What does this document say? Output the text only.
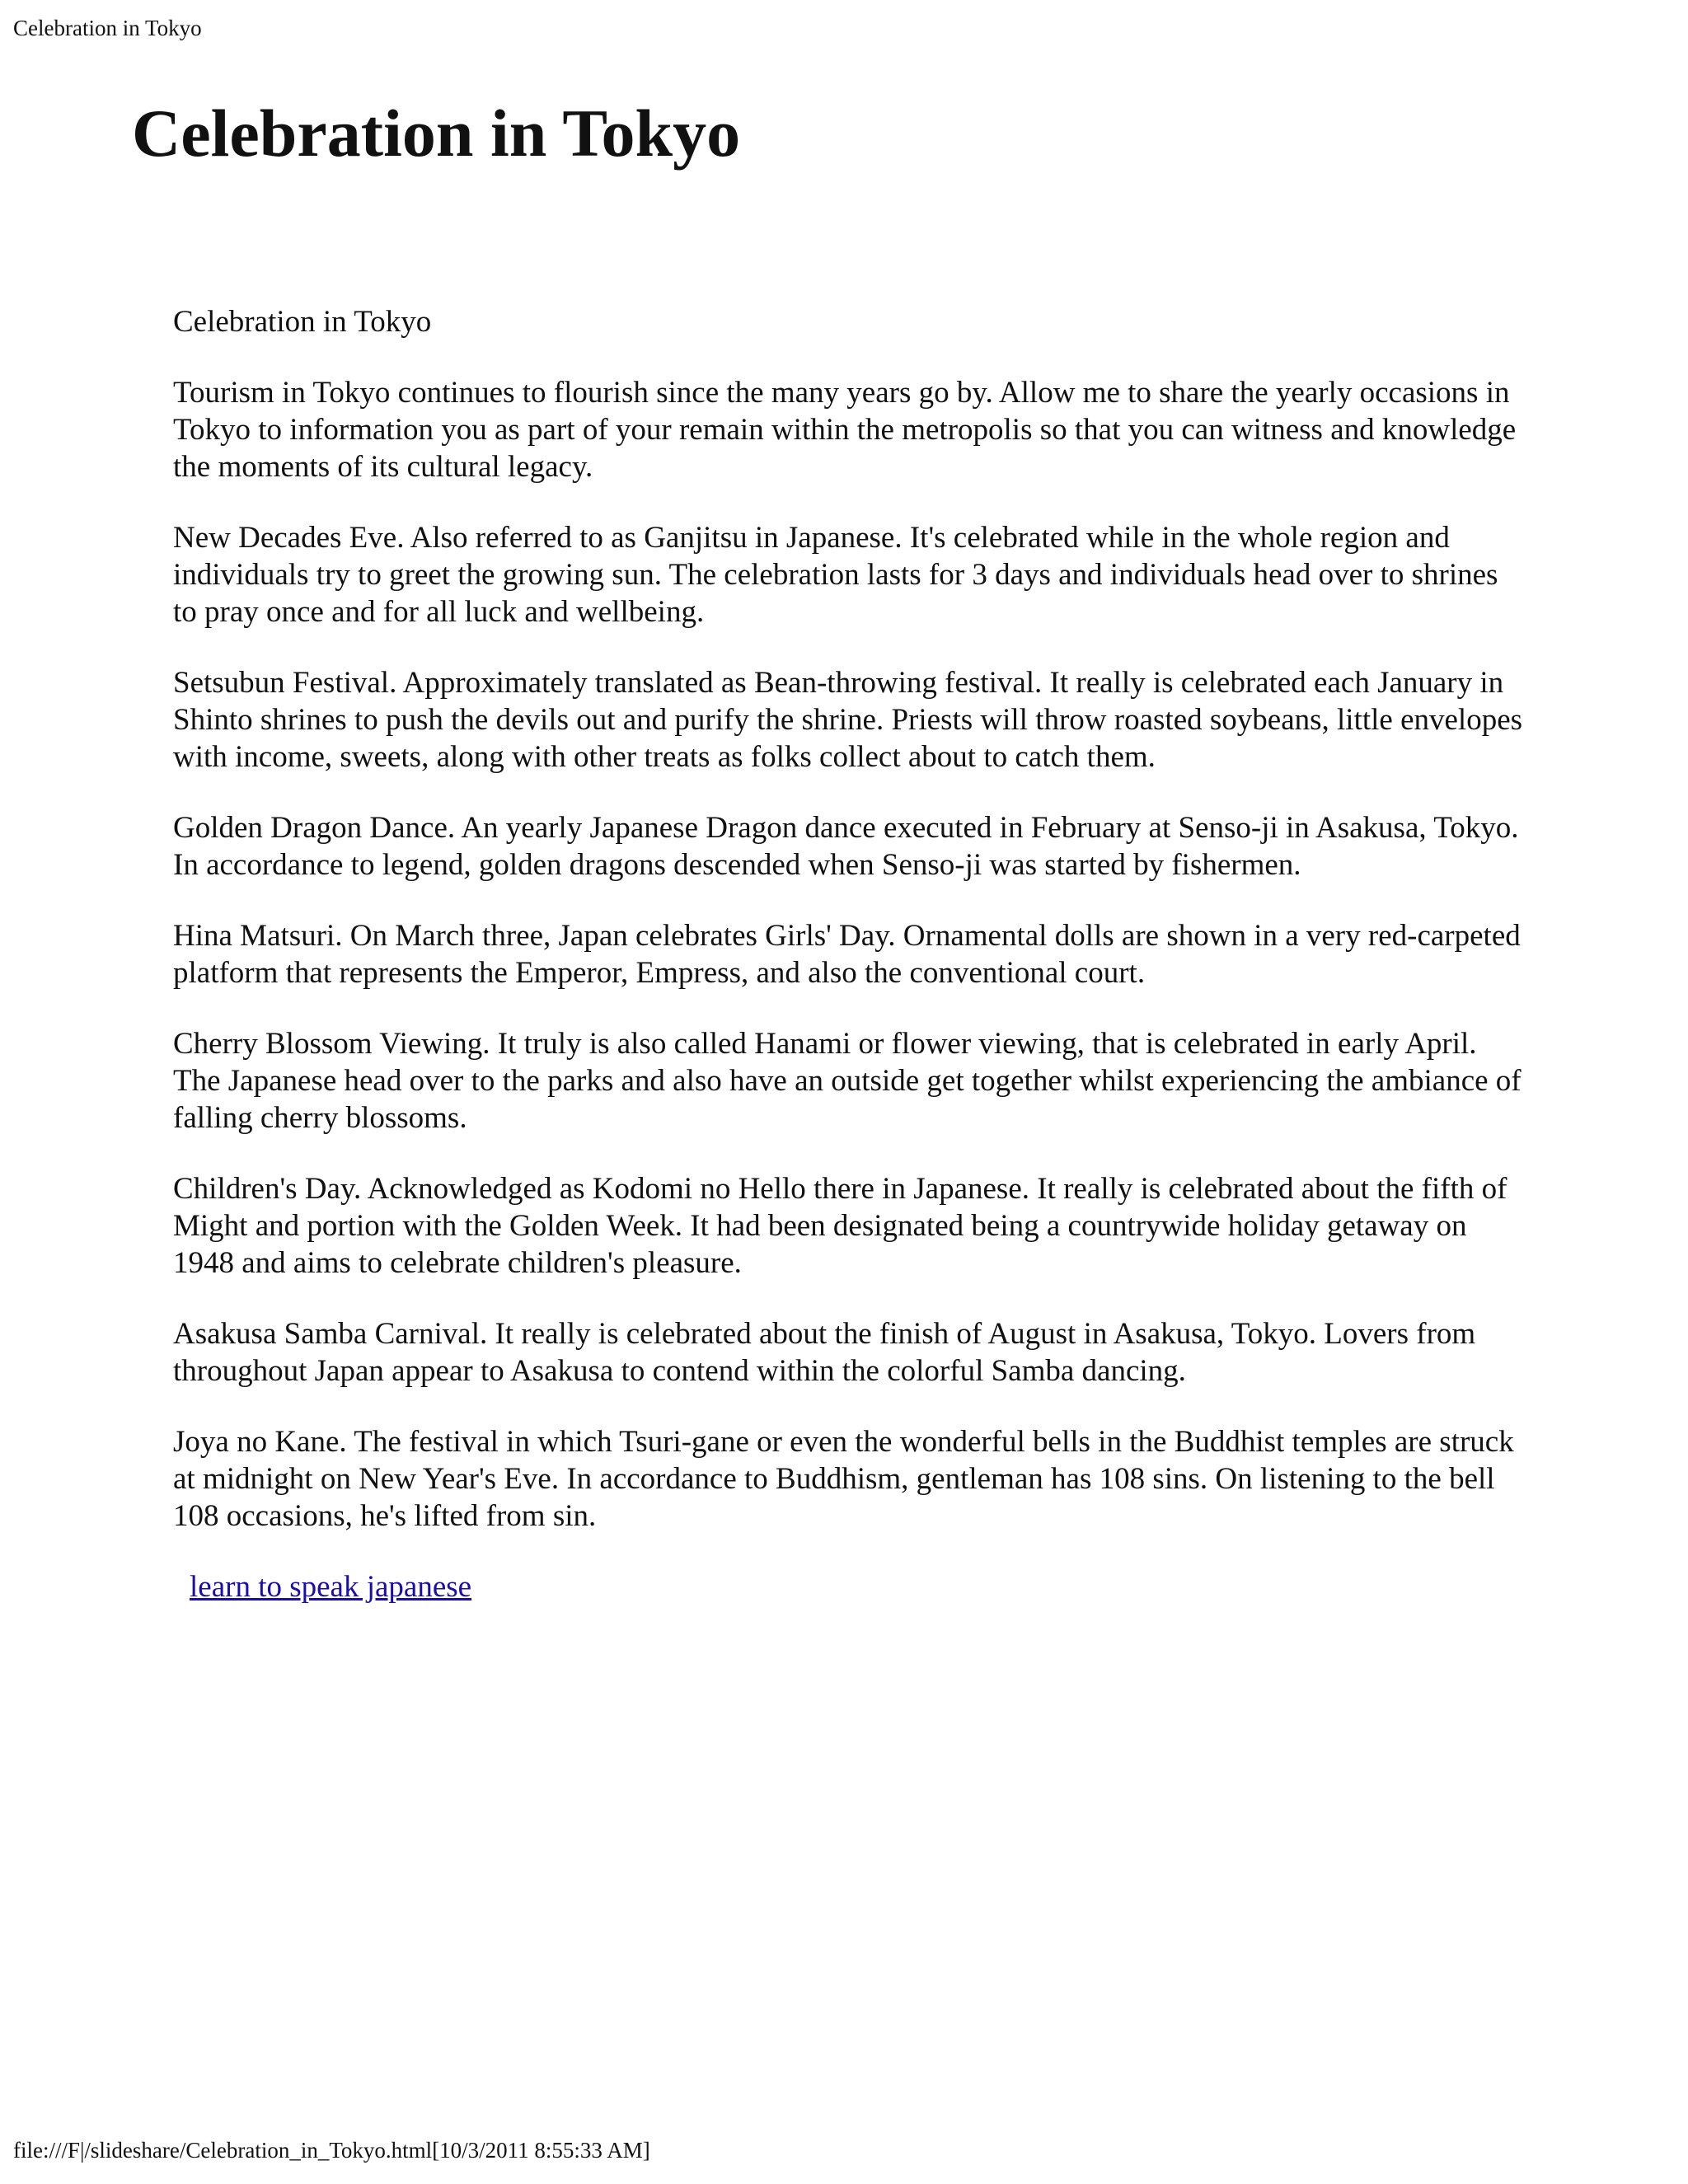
Celebration in Tokyo
Celebration in Tokyo

Celebration in Tokyo

Tourism in Tokyo continues to flourish since the many years go by. Allow me to share the yearly occasions in Tokyo to information you as part of your remain within the metropolis so that you can witness and knowledge the moments of its cultural legacy.

New Decades Eve. Also referred to as Ganjitsu in Japanese. It's celebrated while in the whole region and individuals try to greet the growing sun. The celebration lasts for 3 days and individuals head over to shrines to pray once and for all luck and wellbeing.

Setsubun Festival. Approximately translated as Bean-throwing festival. It really is celebrated each January in Shinto shrines to push the devils out and purify the shrine. Priests will throw roasted soybeans, little envelopes with income, sweets, along with other treats as folks collect about to catch them.

Golden Dragon Dance. An yearly Japanese Dragon dance executed in February at Senso-ji in Asakusa, Tokyo. In accordance to legend, golden dragons descended when Senso-ji was started by fishermen.

Hina Matsuri. On March three, Japan celebrates Girls' Day. Ornamental dolls are shown in a very red-carpeted platform that represents the Emperor, Empress, and also the conventional court.

Cherry Blossom Viewing. It truly is also called Hanami or flower viewing, that is celebrated in early April. The Japanese head over to the parks and also have an outside get together whilst experiencing the ambiance of falling cherry blossoms.

Children's Day. Acknowledged as Kodomi no Hello there in Japanese. It really is celebrated about the fifth of Might and portion with the Golden Week. It had been designated being a countrywide holiday getaway on 1948 and aims to celebrate children's pleasure.

Asakusa Samba Carnival. It really is celebrated about the finish of August in Asakusa, Tokyo. Lovers from throughout Japan appear to Asakusa to contend within the colorful Samba dancing.

Joya no Kane. The festival in which Tsuri-gane or even the wonderful bells in the Buddhist temples are struck at midnight on New Year's Eve. In accordance to Buddhism, gentleman has 108 sins. On listening to the bell 108 occasions, he's lifted from sin.

learn to speak japanese
file:///F|/slideshare/Celebration_in_Tokyo.html[10/3/2011 8:55:33 AM]
